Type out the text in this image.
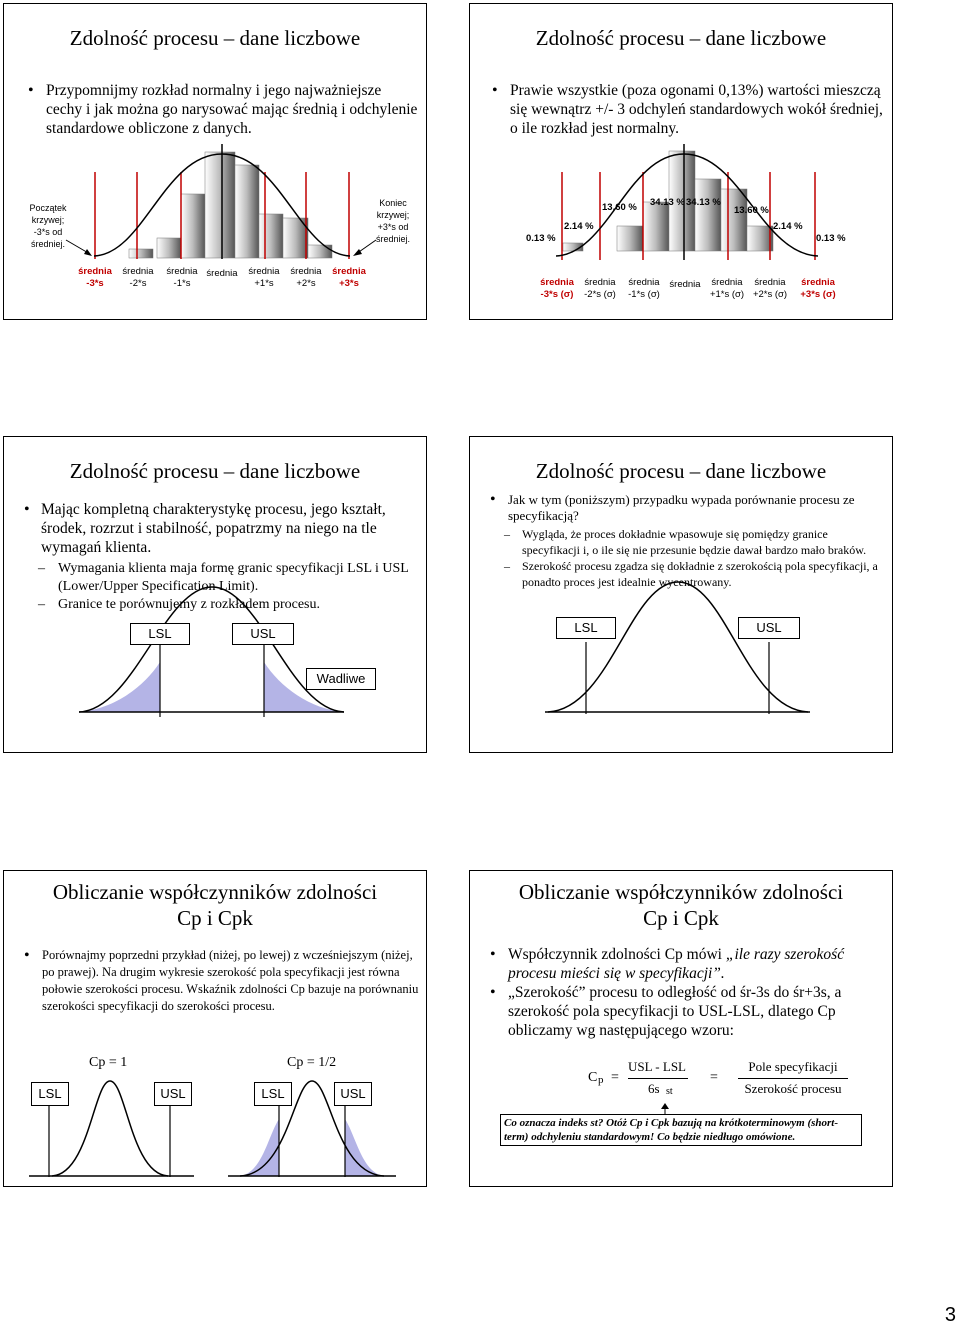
Zdolność procesu – dane liczbowe
• Przypomnijmy rozkład normalny i jego najważniejsze cechy i jak można go narysować mając średnią i odchylenie standardowe obliczone z danych.
Początek krzywej; -3*s od średniej.
Koniec krzywej; +3*s od średniej.
średnia
-3*s
średnia
-2*s
średnia
-1*s
średnia	średnia
+1*s
średnia
+2*s
średnia
+3*s
Zdolność procesu – dane liczbowe
• Prawie wszystkie (poza ogonami 0,13%) wartości mieszczą się wewnątrz +/- 3 odchyleń standardowych wokół średniej, o ile rozkład jest normalny.
0.13 %
2.14 %
13.60 % 34.13 % 34.13 %
13.60 %
2.14 %
0.13 %
średnia
-3*s (σ)
średnia
-2*s (σ)
średnia
-1*s (σ)
średnia	średnia
+1*s (σ)
średnia
+2*s (σ)
średnia
+3*s (σ)
Zdolność procesu – dane liczbowe
• Mając kompletną charakterystykę procesu, jego kształt, środek, rozrzut i stabilność, popatrzmy na niego na tle wymagań klienta.
– Wymagania klienta maja formę granic specyfikacji LSL i USL (Lower/Upper Specification Limit).
– Granice te porównujemy z rozkładem procesu.
LSL	USL
Wadliwe
Zdolność procesu – dane liczbowe
• Jak w tym (poniższym) przypadku wypada porównanie procesu ze specyfikacją?
– Wygląda, że proces dokładnie wpasowuje się pomiędzy granice specyfikacji i, o ile się nie przesunie będzie dawał bardzo mało braków.
– Szerokość procesu zgadza się dokładnie z szerokością pola specyfikacji, a ponadto proces jest idealnie wycentrowany.
LSL	USL
Obliczanie współczynników zdolności
Cp i Cpk
• Porównajmy poprzedni przykład (niżej, po lewej) z wcześniejszym (niżej, po prawej). Na drugim wykresie szerokość pola specyfikacji jest równa połowie szerokości procesu. Wskaźnik zdolności Cp bazuje na porównaniu szerokości specyfikacji do szerokości procesu.
Cp = 1	Cp = 1/2
LSL	USL	LSL	USL
Obliczanie współczynników zdolności
Cp i Cpk
• Współczynnik zdolności Cp mówi „ile razy szerokość procesu mieści się w specyfikacji”.
• „Szerokość” procesu to odległość od śr-3s do śr+3s, a szerokość pola specyfikacji to USL-LSL, dlatego Cp obliczamy wg następującego wzoru:
C p =
USL - LSL
6s st
=
Pole specyfikacji
Szerokość procesu
Co oznacza indeks st? Otóż Cp i Cpk bazują na krótkoterminowym (short-term) odchyleniu standardowym! Co będzie niedługo omówione.
3
